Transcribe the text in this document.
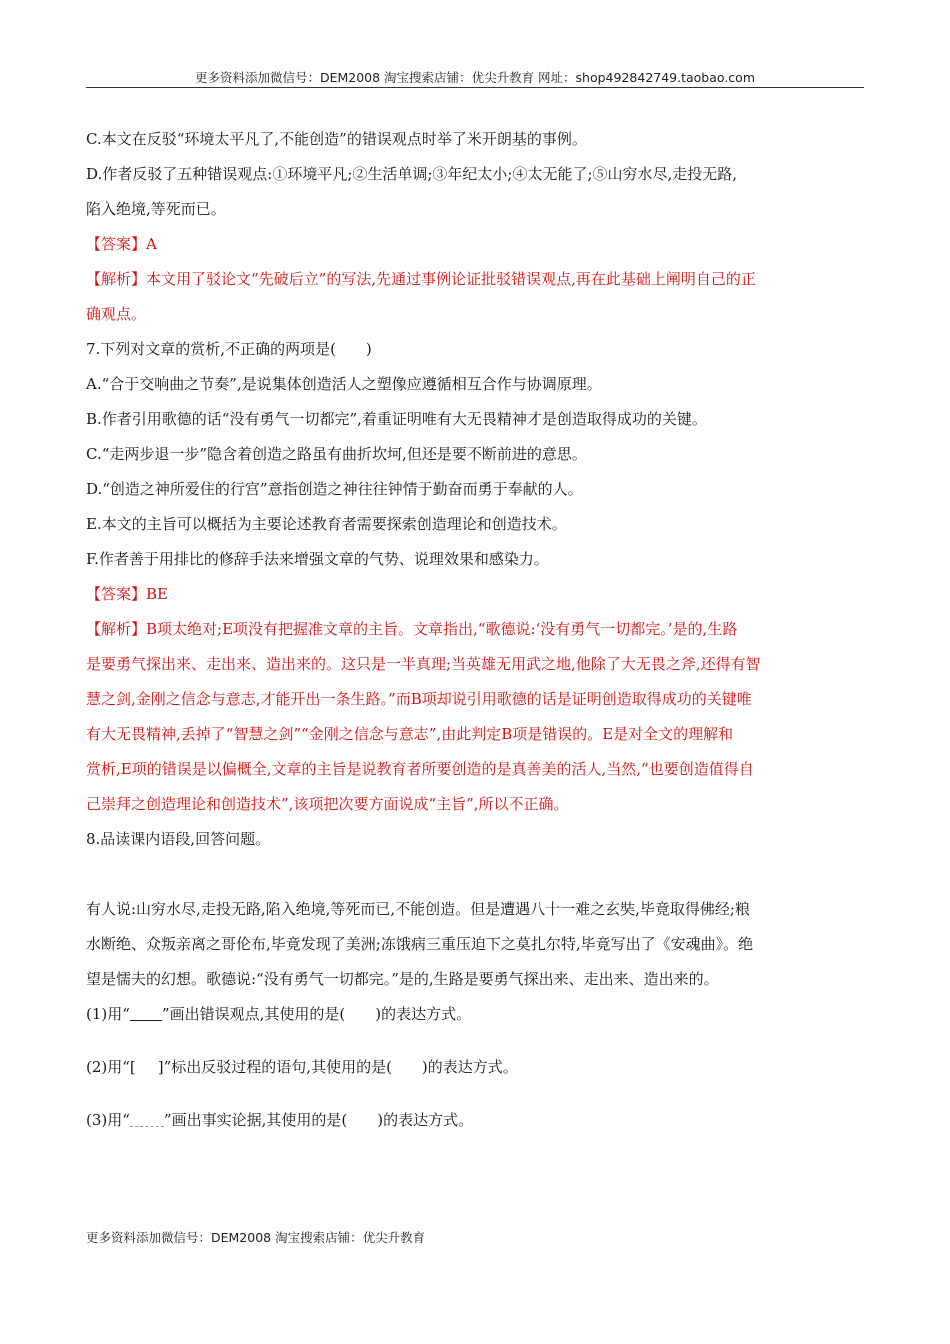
更多资料添加微信号：DEM2008 淘宝搜索店铺：优尖升教育 网址：shop492842749.taobao.com
C.本文在反驳“环境太平凡了,不能创造”的错误观点时举了米开朗基的事例。
D.作者反驳了五种错误观点:①环境平凡;②生活单调;③年纪太小;④太无能了;⑤山穷水尽,走投无路,
陷入绝境,等死而已。
【答案】A
【解析】本文用了驳论文“先破后立”的写法,先通过事例论证批驳错误观点,再在此基础上阐明自己的正
确观点。
7.下列对文章的赏析,不正确的两项是(　　)
A.“合于交响曲之节奏”,是说集体创造活人之塑像应遵循相互合作与协调原理。
B.作者引用歌德的话“没有勇气一切都完”,着重证明唯有大无畏精神才是创造取得成功的关键。
C.“走两步退一步”隐含着创造之路虽有曲折坎坷,但还是要不断前进的意思。
D.“创造之神所爱住的行宫”意指创造之神往往钟情于勤奋而勇于奉献的人。
E.本文的主旨可以概括为主要论述教育者需要探索创造理论和创造技术。
F.作者善于用排比的修辞手法来增强文章的气势、说理效果和感染力。
【答案】BE
【解析】B项太绝对;E项没有把握准文章的主旨。文章指出,“歌德说:‘没有勇气一切都完。’是的,生路
是要勇气探出来、走出来、造出来的。这只是一半真理;当英雄无用武之地,他除了大无畏之斧,还得有智
慧之剑,金刚之信念与意志,才能开出一条生路。”而B项却说引用歌德的话是证明创造取得成功的关键唯
有大无畏精神,丢掉了“智慧之剑”“金刚之信念与意志”,由此判定B项是错误的。E是对全文的理解和
赏析,E项的错误是以偏概全,文章的主旨是说教育者所要创造的是真善美的活人,当然,“也要创造值得自
己崇拜之创造理论和创造技术”,该项把次要方面说成“主旨”,所以不正确。
8.品读课内语段,回答问题。
有人说:山穷水尽,走投无路,陷入绝境,等死而已,不能创造。但是遭遇八十一难之玄奘,毕竟取得佛经;粮
水断绝、众叛亲离之哥伦布,毕竟发现了美洲;冻饿病三重压迫下之莫扎尔特,毕竟写出了《安魂曲》。绝
望是懦夫的幻想。歌德说:“没有勇气一切都完。”是的,生路是要勇气探出来、走出来、造出来的。
(1)用“ ”画出错误观点,其使用的是(　　)的表达方式。
(2)用“[ ]”标出反驳过程的语句,其使用的是(　　)的表达方式。
(3)用“ ”画出事实论据,其使用的是(　　)的表达方式。
更多资料添加微信号：DEM2008 淘宝搜索店铺：优尖升教育
